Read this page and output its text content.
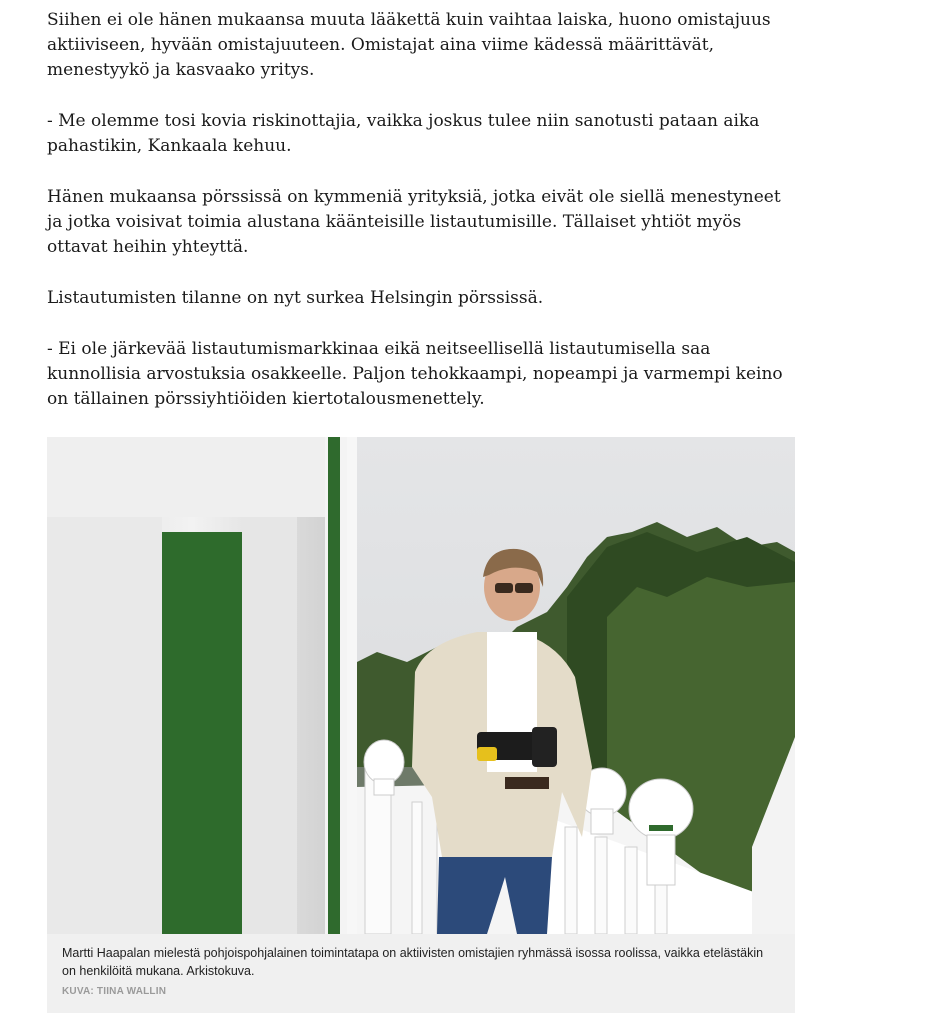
Siihen ei ole hänen mukaansa muuta lääkettä kuin vaihtaa laiska, huono omistajuus aktiiviseen, hyvään omistajuuteen. Omistajat aina viime kädessä määrittävät, menestyykö ja kasvaako yritys.

- Me olemme tosi kovia riskinottajia, vaikka joskus tulee niin sanotusti pataan aika pahastikin, Kankaala kehuu.

Hänen mukaansa pörssissä on kymmeniä yrityksiä, jotka eivät ole siellä menestyneet ja jotka voisivat toimia alustana käänteisille listautumisille. Tällaiset yhtiöt myös ottavat heihin yhteyttä.

Listautumisten tilanne on nyt surkea Helsingin pörssissä.

- Ei ole järkevää listautumismarkkinaa eikä neitseellisellä listautumisella saa kunnollisia arvostuksia osakkeelle. Paljon tehokkaampi, nopeampi ja varmempi keino on tällainen pörssiyhtiöiden kiertotalousmenettely.

Martti Haapalan mielestä pohjoispohjalainen toimintatapa on aktiivisten omistajien ryhmässä isossa roolissa, vaikka etelästäkin on henkilöitä mukana. Arkistokuva.

KUVA: TIINA WALLIN
